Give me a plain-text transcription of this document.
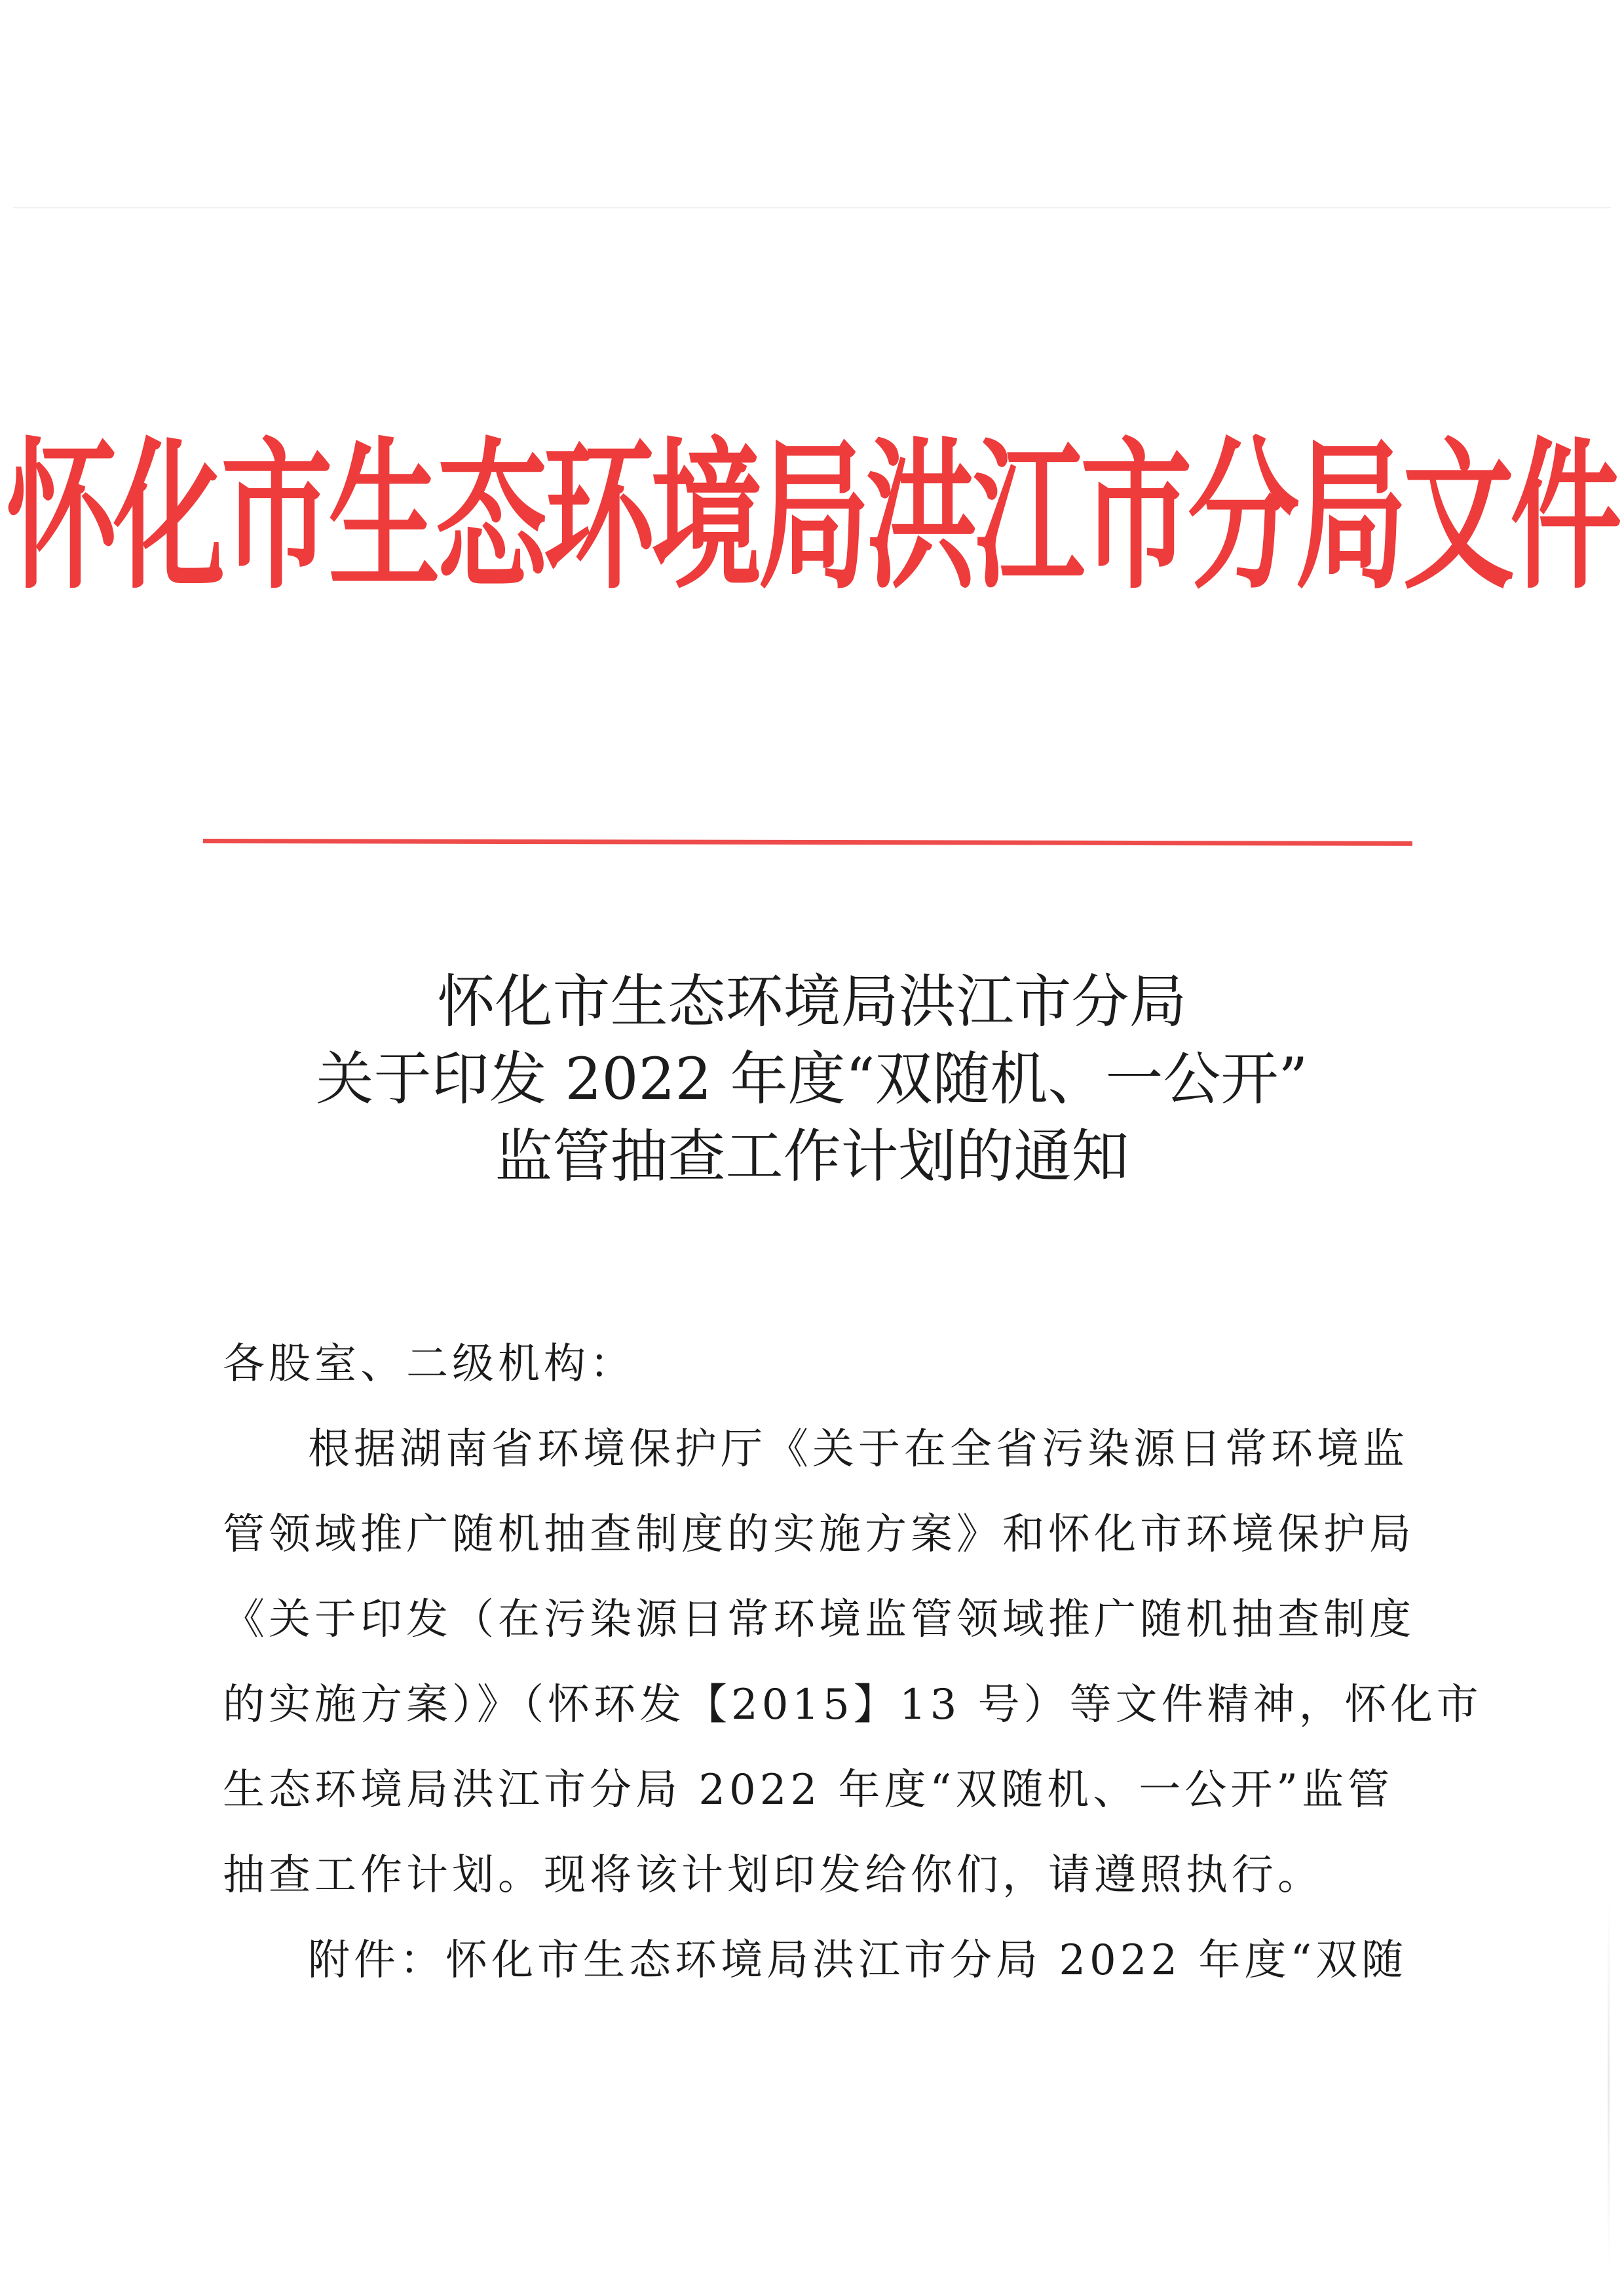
怀化市生态环境局洪江市分局文件
怀化市生态环境局洪江市分局
关于印发 2022 年度“双随机、一公开”
监管抽查工作计划的通知
各股室、二级机构：
根据湖南省环境保护厅《关于在全省污染源日常环境监
管领域推广随机抽查制度的实施方案》和怀化市环境保护局
《关于印发（在污染源日常环境监管领域推广随机抽查制度
的实施方案）》（怀环发【2015】13 号）等文件精神，怀化市
生态环境局洪江市分局 2022 年度“双随机、一公开”监管
抽查工作计划。现将该计划印发给你们，请遵照执行。
附件：怀化市生态环境局洪江市分局 2022 年度“双随
